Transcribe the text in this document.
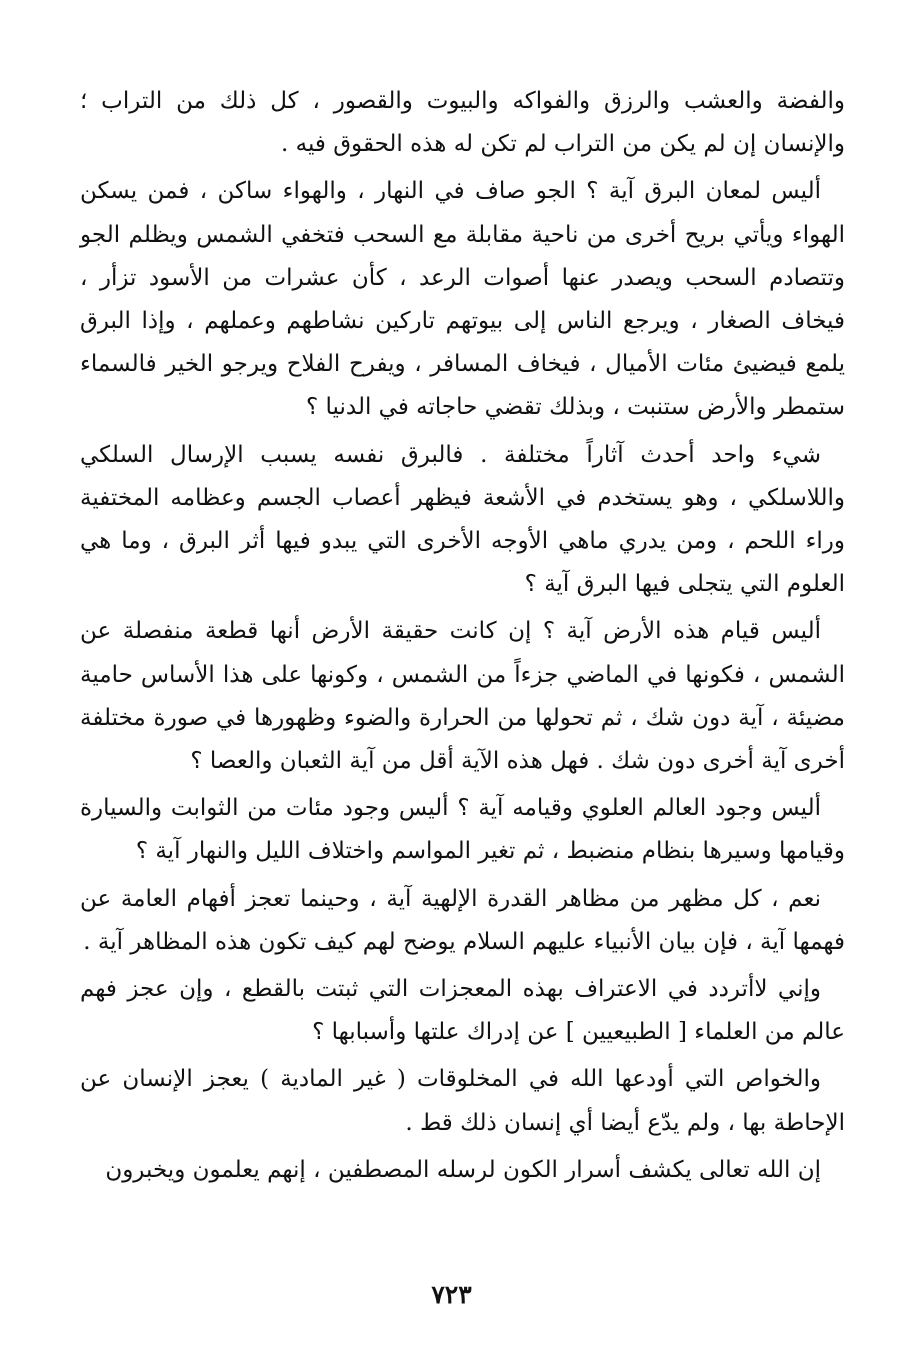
والفضة والعشب والرزق والفواكه والبيوت والقصور ، كل ذلك من التراب ؛ والإنسان إن لم يكن من التراب لم تكن له هذه الحقوق فيه .

أليس لمعان البرق آية ؟ الجو صاف في النهار ، والهواء ساكن ، فمن يسكن الهواء ويأتي بريح أخرى من ناحية مقابلة مع السحب فتخفي الشمس ويظلم الجو وتتصادم السحب ويصدر عنها أصوات الرعد ، كأن عشرات من الأسود تزأر ، فيخاف الصغار ، ويرجع الناس إلى بيوتهم تاركين نشاطهم وعملهم ، وإذا البرق يلمع فيضيئ مئات الأميال ، فيخاف المسافر ، ويفرح الفلاح ويرجو الخير فالسماء ستمطر والأرض ستنبت ، وبذلك تقضي حاجاته في الدنيا ؟

شيء واحد أحدث آثاراً مختلفة . فالبرق نفسه يسبب الإرسال السلكي واللاسلكي ، وهو يستخدم في الأشعة فيظهر أعصاب الجسم وعظامه المختفية وراء اللحم ، ومن يدري ماهي الأوجه الأخرى التي يبدو فيها أثر البرق ، وما هي العلوم التي يتجلى فيها البرق آية ؟

أليس قيام هذه الأرض آية ؟ إن كانت حقيقة الأرض أنها قطعة منفصلة عن الشمس ، فكونها في الماضي جزءاً من الشمس ، وكونها على هذا الأساس حامية مضيئة ، آية دون شك ، ثم تحولها من الحرارة والضوء وظهورها في صورة مختلفة أخرى آية أخرى دون شك . فهل هذه الآية أقل من آية الثعبان والعصا ؟

أليس وجود العالم العلوي وقيامه آية ؟ أليس وجود مئات من الثوابت والسيارة وقيامها وسيرها بنظام منضبط ، ثم تغير المواسم واختلاف الليل والنهار آية ؟

نعم ، كل مظهر من مظاهر القدرة الإلهية آية ، وحينما تعجز أفهام العامة عن فهمها آية ، فإن بيان الأنبياء عليهم السلام يوضح لهم كيف تكون هذه المظاهر آية .

وإني لاأتردد في الاعتراف بهذه المعجزات التي ثبتت بالقطع ، وإن عجز فهم عالم من العلماء [ الطبيعيين ] عن إدراك علتها وأسبابها ؟

والخواص التي أودعها الله في المخلوقات ( غير المادية ) يعجز الإنسان عن الإحاطة بها ، ولم يدّع أيضا أي إنسان ذلك قط .

إن الله تعالى يكشف أسرار الكون لرسله المصطفين ، إنهم يعلمون ويخبرون

٧٢٣
